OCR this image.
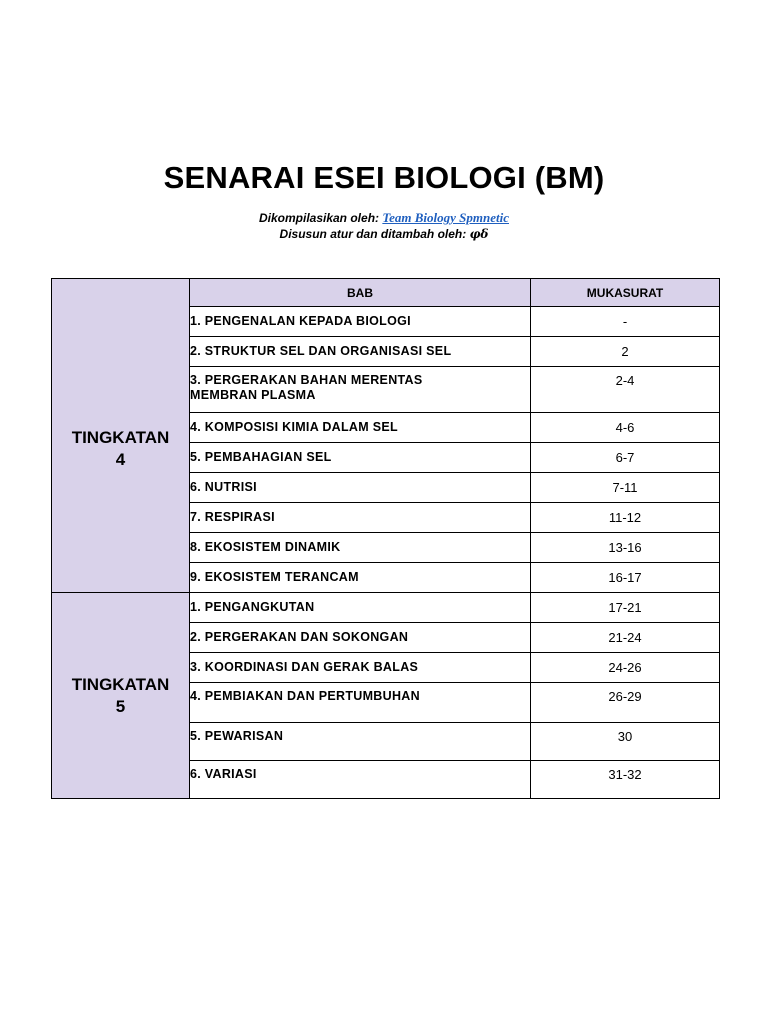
SENARAI ESEI BIOLOGI (BM)
Dikompilasikan oleh: Team Biology Spmnetic
Disusun atur dan ditambah oleh: φδ
	BAB	MUKASURAT

TINGKATAN
4	1. PENGENALAN KEPADA BIOLOGI	-
	2. STRUKTUR SEL DAN ORGANISASI SEL	2

	3. PERGERAKAN BAHAN MERENTAS
MEMBRAN PLASMA	2-4
	4. KOMPOSISI KIMIA DALAM SEL	4-6
	5. PEMBAHAGIAN SEL	6-7
	6. NUTRISI	7-11
	7. RESPIRASI	11-12
	8. EKOSISTEM DINAMIK	13-16
	9. EKOSISTEM TERANCAM	16-17

TINGKATAN
5	1. PENGANGKUTAN	17-21
	2. PERGERAKAN DAN SOKONGAN	21-24
	3. KOORDINASI DAN GERAK BALAS	24-26
	4. PEMBIAKAN DAN PERTUMBUHAN	26-29
	5. PEWARISAN	30
	6. VARIASI	31-32
